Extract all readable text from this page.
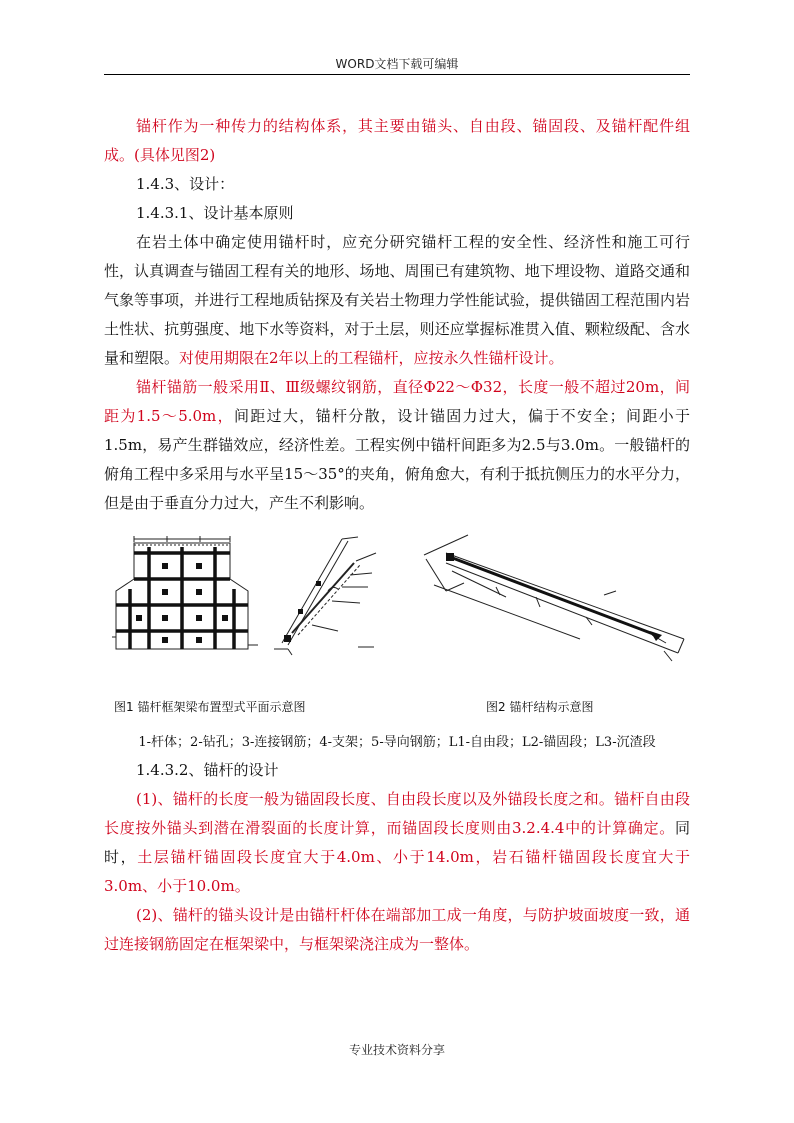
WORD文档下载可编辑

锚杆作为一种传力的结构体系，其主要由锚头、自由段、锚固段、及锚杆配件组成。(具体见图2)

1.4.3、设计：

1.4.3.1、设计基本原则

在岩土体中确定使用锚杆时，应充分研究锚杆工程的安全性、经济性和施工可行性，认真调查与锚固工程有关的地形、场地、周围已有建筑物、地下埋设物、道路交通和气象等事项，并进行工程地质钻探及有关岩土物理力学性能试验，提供锚固工程范围内岩土性状、抗剪强度、地下水等资料，对于土层，则还应掌握标准贯入值、颗粒级配、含水量和塑限。对使用期限在2年以上的工程锚杆，应按永久性锚杆设计。

锚杆锚筋一般采用Ⅱ、Ⅲ级螺纹钢筋，直径Φ22～Φ32，长度一般不超过20m，间距为1.5～5.0m，间距过大，锚杆分散，设计锚固力过大，偏于不安全；间距小于1.5m，易产生群锚效应，经济性差。工程实例中锚杆间距多为2.5与3.0m。一般锚杆的俯角工程中多采用与水平呈15～35°的夹角，俯角愈大，有利于抵抗侧压力的水平分力，但是由于垂直分力过大，产生不利影响。

图1 锚杆框架梁布置型式平面示意图	图2 锚杆结构示意图

1-杆体；2-钻孔；3-连接钢筋；4-支架；5-导向钢筋；L1-自由段；L2-锚固段；L3-沉渣段

1.4.3.2、锚杆的设计

(1)、锚杆的长度一般为锚固段长度、自由段长度以及外锚段长度之和。锚杆自由段长度按外锚头到潜在滑裂面的长度计算，而锚固段长度则由3.2.4.4中的计算确定。同时，土层锚杆锚固段长度宜大于4.0m、小于14.0m，岩石锚杆锚固段长度宜大于3.0m、小于10.0m。

(2)、锚杆的锚头设计是由锚杆杆体在端部加工成一角度，与防护坡面坡度一致，通过连接钢筋固定在框架梁中，与框架梁浇注成为一整体。

专业技术资料分享
